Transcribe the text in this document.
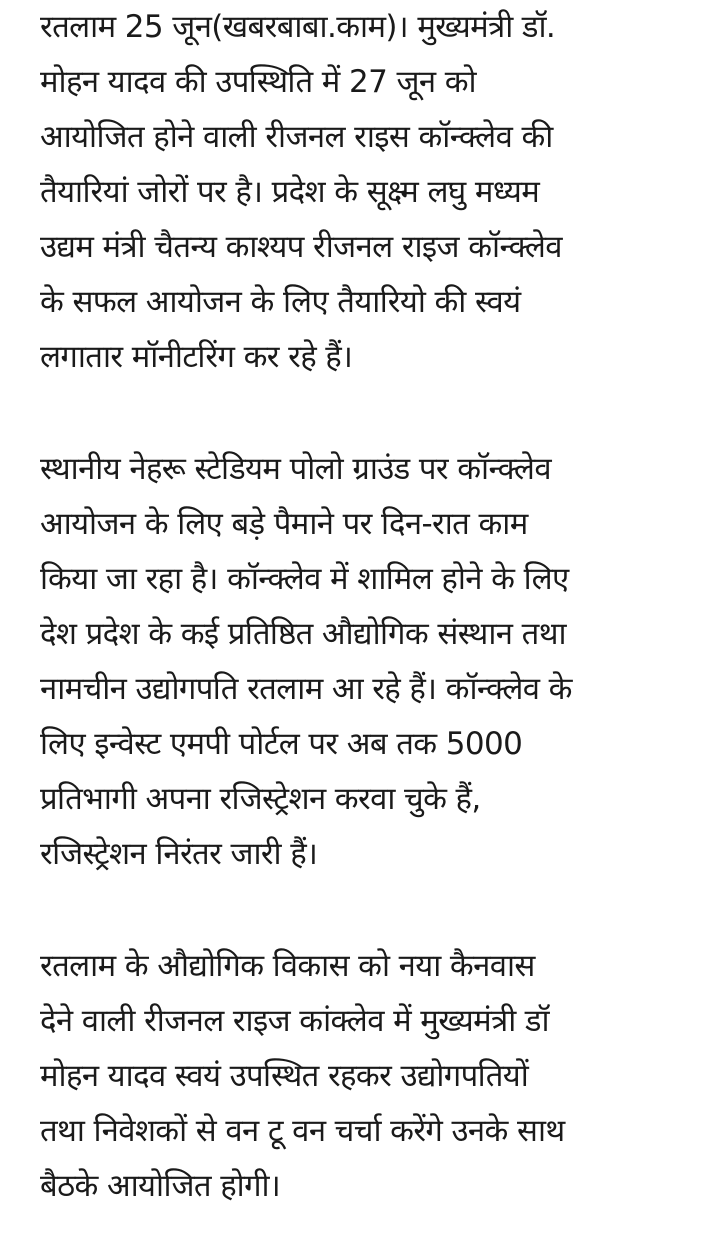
रतलाम 25 जून(खबरबाबा.काम)। मुख्यमंत्री डॉ.
मोहन यादव की उपस्थिति में 27 जून को
आयोजित होने वाली रीजनल राइस कॉन्क्लेव की
तैयारियां जोरों पर है। प्रदेश के सूक्ष्म लघु मध्यम
उद्यम मंत्री चैतन्य काश्यप रीजनल राइज कॉन्क्लेव
के सफल आयोजन के लिए तैयारियो की स्वयं
लगातार मॉनीटरिंग कर रहे हैं।

स्थानीय नेहरू स्टेडियम पोलो ग्राउंड पर कॉन्क्लेव
आयोजन के लिए बड़े पैमाने पर दिन-रात काम
किया जा रहा है। कॉन्क्लेव में शामिल होने के लिए
देश प्रदेश के कई प्रतिष्ठित औद्योगिक संस्थान तथा
नामचीन उद्योगपति रतलाम आ रहे हैं। कॉन्क्लेव के
लिए इन्वेस्ट एमपी पोर्टल पर अब तक 5000
प्रतिभागी अपना रजिस्ट्रेशन करवा चुके हैं,
रजिस्ट्रेशन निरंतर जारी हैं।

रतलाम के औद्योगिक विकास को नया कैनवास
देने वाली रीजनल राइज कांक्लेव में मुख्यमंत्री डॉ
मोहन यादव स्वयं उपस्थित रहकर उद्योगपतियों
तथा निवेशकों से वन टू वन चर्चा करेंगे उनके साथ
बैठके आयोजित होगी।
